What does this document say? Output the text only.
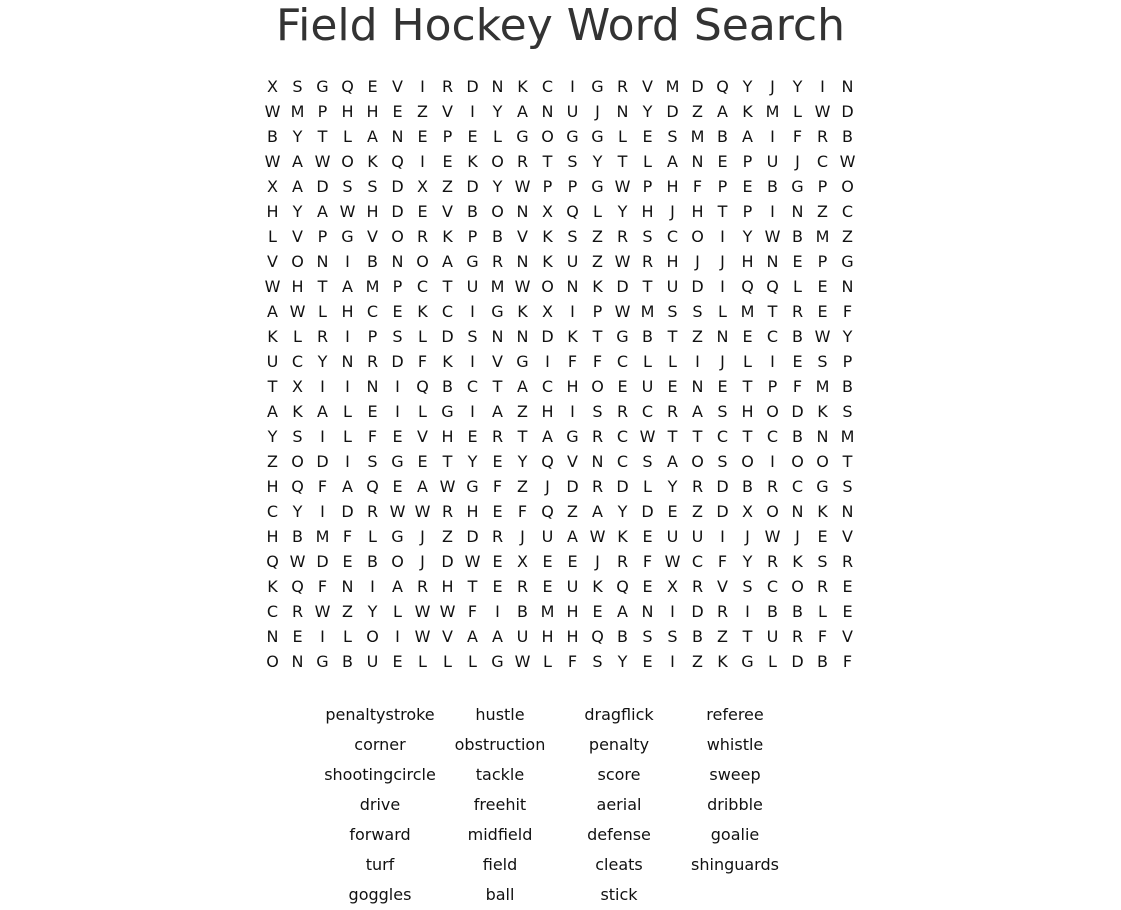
Field Hockey Word Search
X S G Q E V	I	R D N K C	I	G R V M D Q Y	J	Y	I	N
W M P H H E Z V	I	Y A N U	J	N Y D Z A K M L W D
B Y T L A N E P E L G O G G L E S M B A	I	F R B
W A W O K Q	I	E K O R T S Y T L A N E P U	J	C W
X A D S S D X Z D Y W P P G W P H F P E B G P O
H Y A W H D E V B O N X Q L Y H	J	H T P	I	N Z C
L V P G V O R K P B V K S Z R S C O	I	Y W B M Z
V O N	I	B N O A G R N K U Z W R H	J	J	H N E P G
W H T A M P C T U M W O N K D T U D	I	Q Q L E N
A W L H C E K C	I	G K X	I	P W M S S L M T R E F
K L R	I	P S L D S N N D K T G B T Z N E C B W Y
U C Y N R D F K	I	V G	I	F F C L	L	I	J	L	I	E S P
T X	I	I	N	I	Q B C T A C H O E U E N E T P F M B
A K A L E	I	L G	I	A Z H	I	S R C R A S H O D K S
Y S	I	L F E V H E R T A G R C W T T C T C B N M
Z O D	I	S G E T Y E Y Q V N C S A O S O	I	O O T
H Q F A Q E A W G F Z	J	D R D L Y R D B R C G S
C Y	I	D R W W R H E F Q Z A Y D E Z D X O N K N
H B M F L G	J	Z D R	J	U A W K E U U	I	J W J	E V
Q W D E B O	J	D W E X E E	J	R F W C F Y R K S R
K Q F N	I	A R H T E R E U K Q E X R V S C O R E
C R W Z Y L W W F	I	B M H E A N	I	D R	I	B B L E
N E	I	L O	I W V A A U H H Q B S S B Z T U R F V
O N G B U E L	L	L G W L F S Y E	I	Z K G L D B F
penaltystroke	hustle	dragflick	referee
corner	obstruction	penalty	whistle
shootingcircle	tackle	score	sweep
drive	freehit	aerial	dribble
forward	midfield	defense	goalie
turf	field	cleats	shinguards
goggles	ball	stick
